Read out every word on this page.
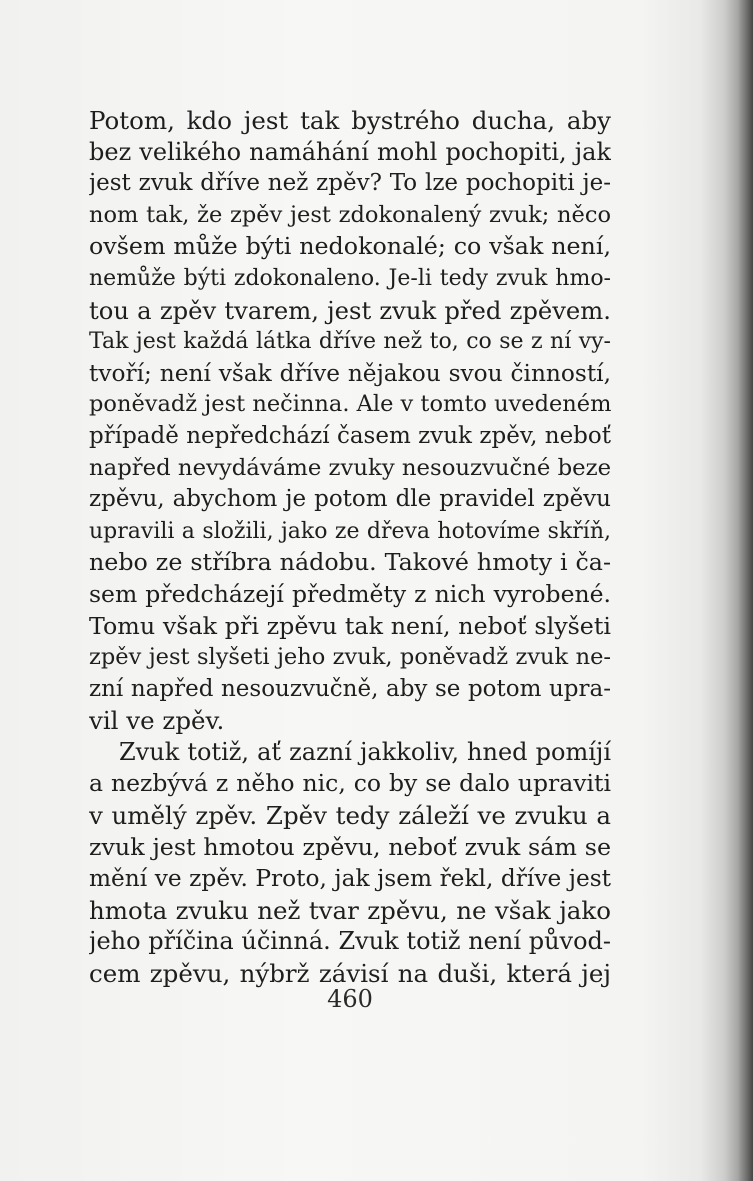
Potom, kdo jest tak bystrého ducha, aby
bez velikého namáhání mohl pochopiti, jak
jest zvuk dříve než zpěv? To lze pochopiti je-
nom tak, že zpěv jest zdokonalený zvuk; něco
ovšem může býti nedokonalé; co však není,
nemůže býti zdokonaleno. Je-li tedy zvuk hmo-
tou a zpěv tvarem, jest zvuk před zpěvem.
Tak jest každá látka dříve než to, co se z ní vy-
tvoří; není však dříve nějakou svou činností,
poněvadž jest nečinna. Ale v tomto uvedeném
případě nepředchází časem zvuk zpěv, neboť
napřed nevydáváme zvuky nesouzvučné beze
zpěvu, abychom je potom dle pravidel zpěvu
upravili a složili, jako ze dřeva hotovíme skříň,
nebo ze stříbra nádobu. Takové hmoty i ča-
sem předcházejí předměty z nich vyrobené.
Tomu však při zpěvu tak není, neboť slyšeti
zpěv jest slyšeti jeho zvuk, poněvadž zvuk ne-
zní napřed nesouzvučně, aby se potom upra-
vil ve zpěv.
Zvuk totiž, ať zazní jakkoliv, hned pomíjí
a nezbývá z něho nic, co by se dalo upraviti
v umělý zpěv. Zpěv tedy záleží ve zvuku a
zvuk jest hmotou zpěvu, neboť zvuk sám se
mění ve zpěv. Proto, jak jsem řekl, dříve jest
hmota zvuku než tvar zpěvu, ne však jako
jeho příčina účinná. Zvuk totiž není původ-
cem zpěvu, nýbrž závisí na duši, která jej
460
